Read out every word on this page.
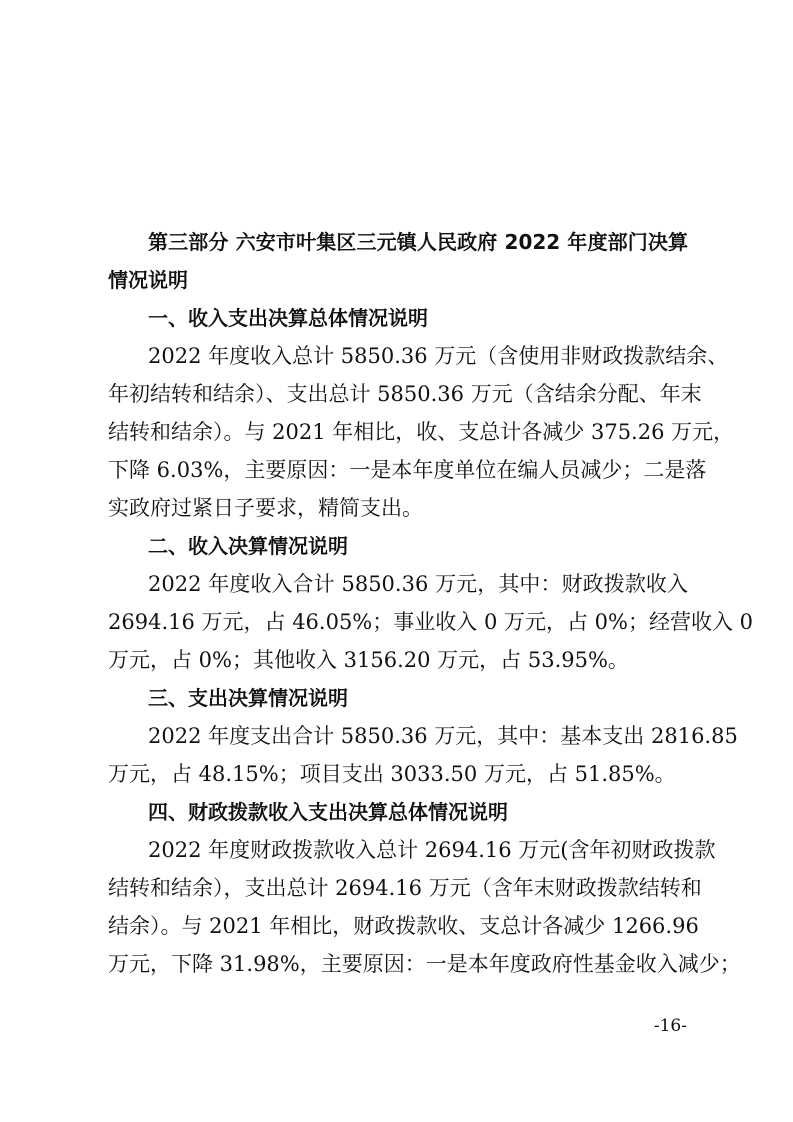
第三部分 六安市叶集区三元镇人民政府 2022 年度部门决算
情况说明
一、收入支出决算总体情况说明
2022 年度收入总计 5850.36 万元（含使用非财政拨款结余、
年初结转和结余）、支出总计 5850.36 万元（含结余分配、年末
结转和结余）。与 2021 年相比，收、支总计各减少 375.26 万元，
下降 6.03%，主要原因：一是本年度单位在编人员减少；二是落
实政府过紧日子要求，精简支出。
二、收入决算情况说明
2022 年度收入合计 5850.36 万元，其中：财政拨款收入
2694.16 万元，占 46.05%；事业收入 0 万元，占 0%；经营收入 0
万元，占 0%；其他收入 3156.20 万元，占 53.95%。
三、支出决算情况说明
2022 年度支出合计 5850.36 万元，其中：基本支出 2816.85
万元，占 48.15%；项目支出 3033.50 万元，占 51.85%。
四、财政拨款收入支出决算总体情况说明
2022 年度财政拨款收入总计 2694.16 万元(含年初财政拨款
结转和结余），支出总计 2694.16 万元（含年末财政拨款结转和
结余）。与 2021 年相比，财政拨款收、支总计各减少 1266.96
万元，下降 31.98%，主要原因：一是本年度政府性基金收入减少；
-16-
